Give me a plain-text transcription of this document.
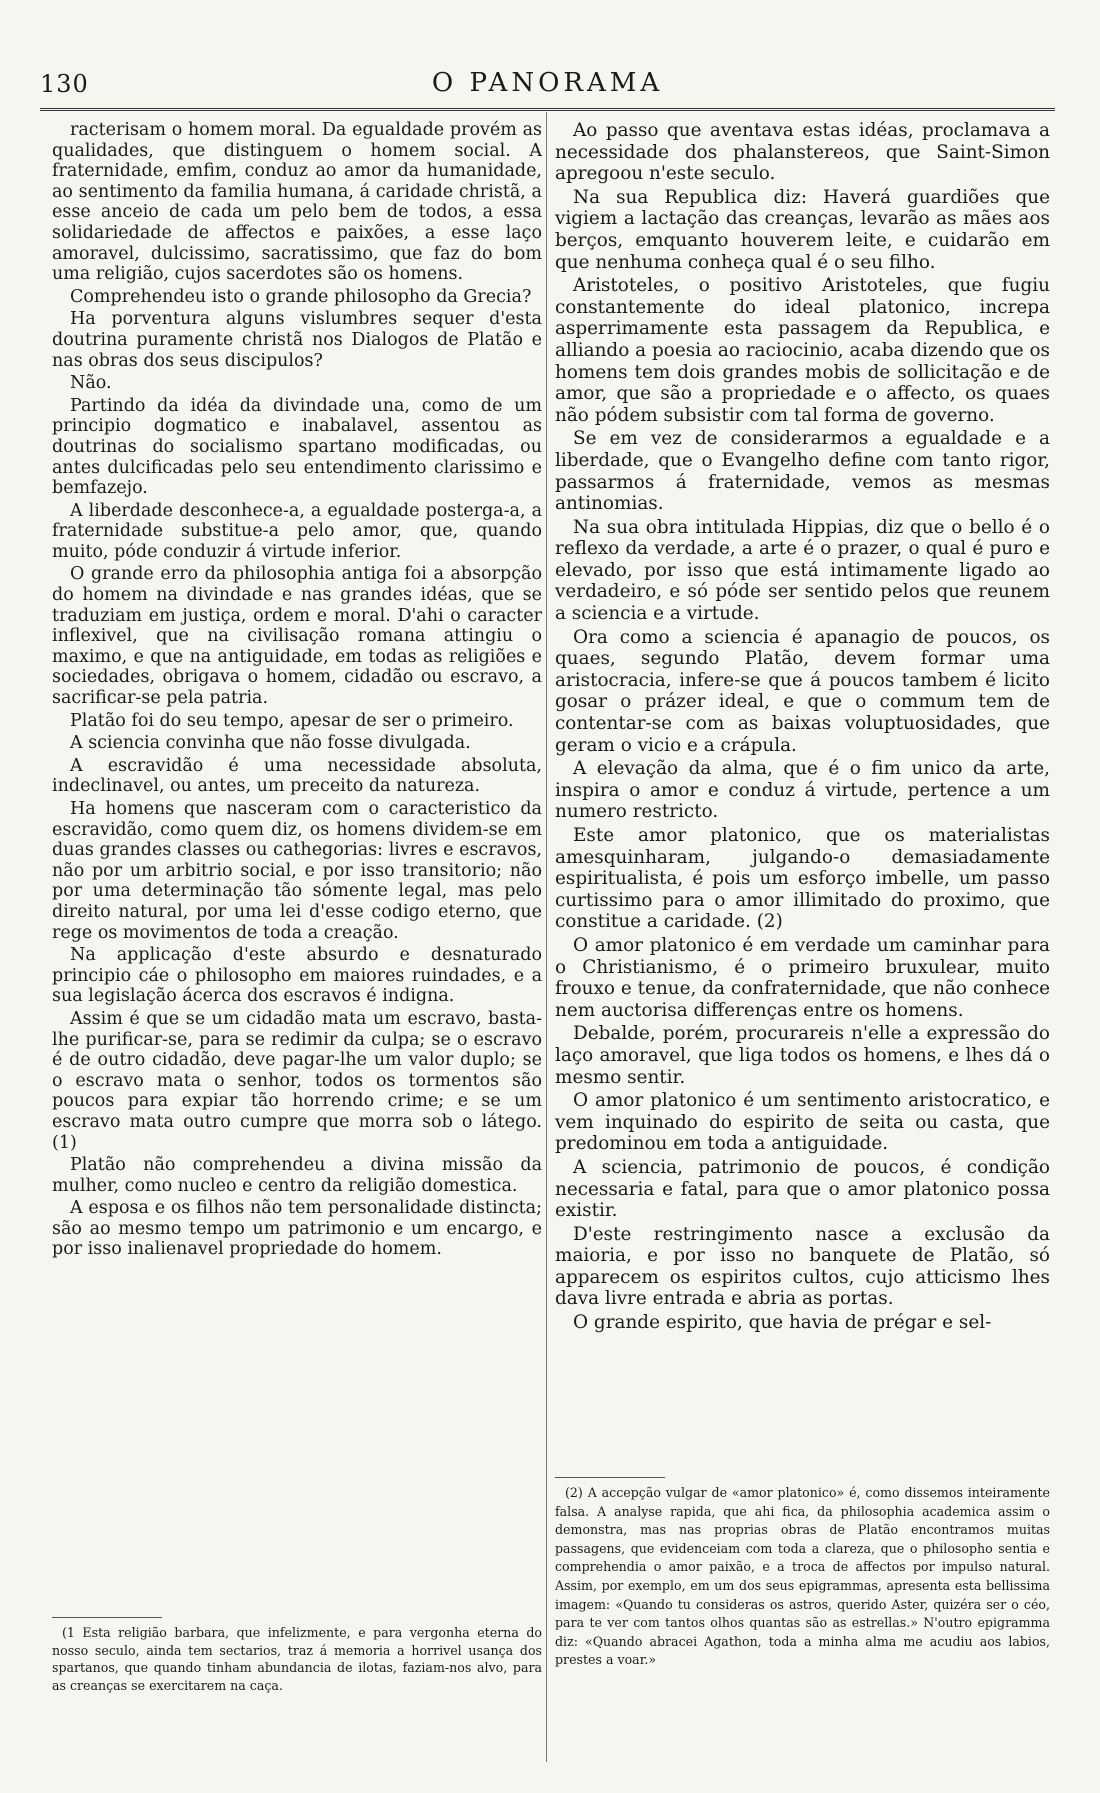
130	O PANORAMA

racterisam o homem moral. Da egualdade provém as qualidades, que distinguem o homem social. A fraternidade, emfim, conduz ao amor da humanidade, ao sentimento da familia humana, á caridade christã, a esse anceio de cada um pelo bem de todos, a essa solidariedade de affectos e paixões, a esse laço amoravel, dulcissimo, sacratissimo, que faz do bom uma religião, cujos sacerdotes são os homens.

Comprehendeu isto o grande philosopho da Grecia?

Ha porventura alguns vislumbres sequer d'esta doutrina puramente christã nos Dialogos de Platão e nas obras dos seus discipulos?

Não.

Partindo da idéa da divindade una, como de um principio dogmatico e inabalavel, assentou as doutrinas do socialismo spartano modificadas, ou antes dulcificadas pelo seu entendimento clarissimo e bemfazejo.

A liberdade desconhece-a, a egualdade postergа-a, a fraternidade substitue-a pelo amor, que, quando muito, póde conduzir á virtude inferior.

O grande erro da philosophia antiga foi a absorpção do homem na divindade e nas grandes idéas, que se traduziam em justiça, ordem e moral. D'ahi o caracter inflexivel, que na civilisação romana attingiu o maximo, e que na antiguidade, em todas as religiões e sociedades, obrigava o homem, cidadão ou escravo, a sacrificar-se pela patria.

Platão foi do seu tempo, apesar de ser o primeiro.

A sciencia convinha que não fosse divulgada.

A escravidão é uma necessidade absoluta, indeclinavel, ou antes, um preceito da natureza.

Ha homens que nasceram com o caracteristico da escravidão, como quem diz, os homens dividem-se em duas grandes classes ou cathegorias: livres e escravos, não por um arbitrio social, e por isso transitorio; não por uma determinação tão sómente legal, mas pelo direito natural, por uma lei d'esse codigo eterno, que rege os movimentos de toda a creação.

Na applicação d'este absurdo e desnaturado principio cáe o philosopho em maiores ruindades, e a sua legislação ácerca dos escravos é indigna.

Assim é que se um cidadão mata um escravo, basta-lhe purificar-se, para se redimir da culpa; se o escravo é de outro cidadão, deve pagar-lhe um valor duplo; se o escravo mata o senhor, todos os tormentos são poucos para expiar tão horrendo crime; e se um escravo mata outro cumpre que morra sob o látego. (1)

Platão não comprehendeu a divina missão da mulher, como nucleo e centro da religião domestica.

A esposa e os filhos não tem personalidade distincta; são ao mesmo tempo um patrimonio e um encargo, e por isso inalienavel propriedade do homem.

(1 Esta religião barbara, que infelizmente, e para vergonha eterna do nosso seculo, ainda tem sectarios, traz á memoria a horrivel usança dos spartanos, que quando tinham abundancia de ilotas, faziam-nos alvo, para as creanças se exercitarem na caça.

Ao passo que aventava estas idéas, proclamava a necessidade dos phalansterеos, que Saint-Simon apregoou n'este seculo.

Na sua Republica diz: Haverá guardiões que vigiem a lactação das creanças, levarão as mães aos berços, emquanto houverem leite, e cuidarão em que nenhuma conheça qual é o seu filho.

Aristoteles, o positivo Aristoteles, que fugiu constantemente do ideal platonico, increpa asperrimamente esta passagem da Republica, e alliando a poesia ao raciocinio, acaba dizendo que os homens tem dois grandes mobis de sollicitação e de amor, que são a propriedade e o affecto, os quaes não pódem subsistir com tal forma de governo.

Se em vez de considerarmos a egualdade e a liberdade, que o Evangelho define com tanto rigor, passarmos á fraternidade, vemos as mesmas antinomias.

Na sua obra intitulada Hippias, diz que o bello é o reflexo da verdade, a arte é o prazer, o qual é puro e elevado, por isso que está intimamente ligado ao verdadeiro, e só póde ser sentido pelos que reunem a sciencia e a virtude.

Ora como a sciencia é apanagio de poucos, os quaes, segundo Platão, devem formar uma aristocracia, infere-se que á poucos tambem é licito gosar o prázer ideal, e que o commum tem de contentar-se com as baixas voluptuosidades, que geram o vicio e a crápula.

A elevação da alma, que é o fim unico da arte, inspira o amor e conduz á virtude, pertence a um numero restricto.

Este amor platonico, que os materialistas amesquinharam, julgando-o demasiadamente espiritualista, é pois um esforço imbelle, um passo curtissimo para o amor illimitado do proximo, que constitue a caridade. (2)

O amor platonico é em verdade um caminhar para o Christianismo, é o primeiro bruxulear, muito frouxo e tenue, da confraternidade, que não conhece nem auctorisa differenças entre os homens.

Debalde, porém, procurareis n'elle a expressão do laço amoravel, que liga todos os homens, e lhes dá o mesmo sentir.

O amor platonico é um sentimento aristocratico, e vem inquinado do espirito de seita ou casta, que predominou em toda a antiguidade.

A sciencia, patrimonio de poucos, é condição necessaria e fatal, para que o amor platonico possa existir.

D'este restringimento nasce a exclusão da maioria, e por isso no banquete de Platão, só apparecem os espiritos cultos, cujo atticismo lhes dava livre entrada e abria as portas.

O grande espirito, que havia de prégar e sel-

(2) A accepção vulgar de «amor platonico» é, como dissemos inteiramente falsa. A analyse rapida, que ahi fica, da philosophia academica assim o demonstra, mas nas proprias obras de Platão encontramos muitas passagens, que evidenceiam com toda a clareza, que o philosopho sentia e comprehendia o amor paixão, e a troca de affectos por impulso natural. Assim, por exemplo, em um dos seus epigrammas, apresenta esta bellissima imagem: «Quando tu consideras os astros, querido Aster, quizéra ser o céo, para te ver com tantos olhos quantas são as estrellas.» N'outro epigramma diz: «Quando abracei Agathon, toda a minha alma me acudiu aos labios, prestes a voar.»
